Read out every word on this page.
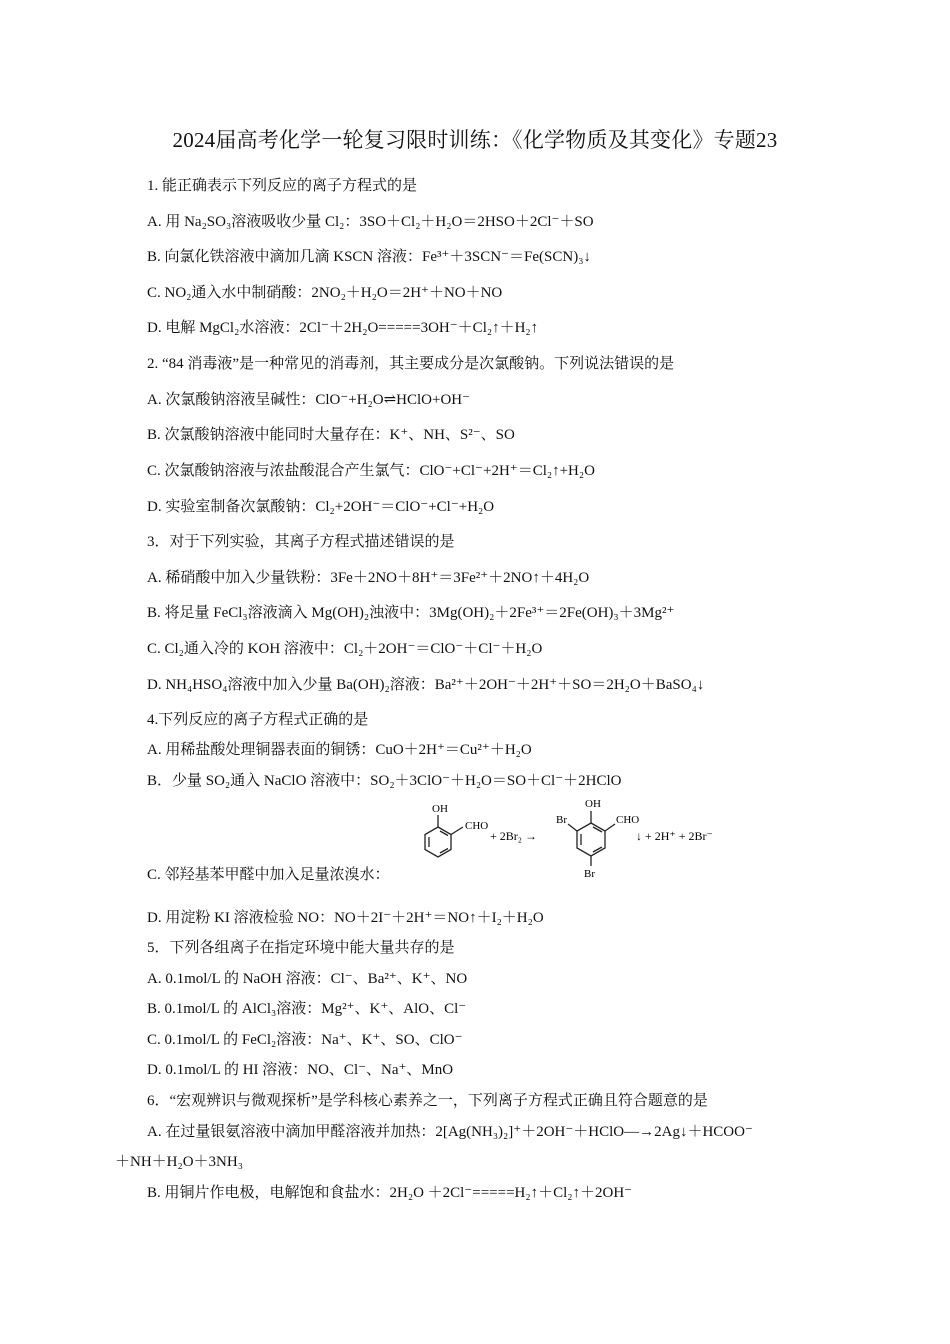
2024届高考化学一轮复习限时训练：《化学物质及其变化》专题23
1. 能正确表示下列反应的离子方程式的是
A. 用 Na₂SO₃溶液吸收少量 Cl₂：3SO＋Cl₂＋H₂O＝2HSO＋2Cl⁻＋SO
B. 向氯化铁溶液中滴加几滴 KSCN 溶液：Fe³⁺＋3SCN⁻＝Fe(SCN)₃↓
C. NO₂通入水中制硝酸：2NO₂＋H₂O＝2H⁺＋NO＋NO
D. 电解 MgCl₂水溶液：2Cl⁻＋2H₂O=====3OH⁻＋Cl₂↑＋H₂↑
2. “84 消毒液”是一种常见的消毒剂，其主要成分是次氯酸钠。下列说法错误的是
A. 次氯酸钠溶液呈碱性：ClO⁻+H₂O⇌HClO+OH⁻
B. 次氯酸钠溶液中能同时大量存在：K⁺、NH、S²⁻、SO
C. 次氯酸钠溶液与浓盐酸混合产生氯气：ClO⁻+Cl⁻+2H⁺＝Cl₂↑+H₂O
D. 实验室制备次氯酸钠：Cl₂+2OH⁻＝ClO⁻+Cl⁻+H₂O
3．对于下列实验，其离子方程式描述错误的是
A. 稀硝酸中加入少量铁粉：3Fe＋2NO＋8H⁺＝3Fe²⁺＋2NO↑＋4H₂O
B. 将足量 FeCl₃溶液滴入 Mg(OH)₂浊液中：3Mg(OH)₂＋2Fe³⁺＝2Fe(OH)₃＋3Mg²⁺
C. Cl₂通入冷的 KOH 溶液中：Cl₂＋2OH⁻＝ClO⁻＋Cl⁻＋H₂O
D. NH₄HSO₄溶液中加入少量 Ba(OH)₂溶液：Ba²⁺＋2OH⁻＋2H⁺＋SO＝2H₂O＋BaSO₄↓
4.下列反应的离子方程式正确的是
A. 用稀盐酸处理铜器表面的铜锈：CuO＋2H⁺＝Cu²⁺＋H₂O
B．少量 SO₂通入 NaClO 溶液中：SO₂＋3ClO⁻＋H₂O＝SO＋Cl⁻＋2HClO
C. 邻羟基苯甲醛中加入足量浓溴水：
D. 用淀粉 KI 溶液检验 NO：NO＋2I⁻＋2H⁺＝NO↑＋I₂＋H₂O
5．下列各组离子在指定环境中能大量共存的是
A. 0.1mol/L 的 NaOH 溶液：Cl⁻、Ba²⁺、K⁺、NO
B. 0.1mol/L 的 AlCl₃溶液：Mg²⁺、K⁺、AlO、Cl⁻
C. 0.1mol/L 的 FeCl₂溶液：Na⁺、K⁺、SO、ClO⁻
D. 0.1mol/L 的 HI 溶液：NO、Cl⁻、Na⁺、MnO
6．“宏观辨识与微观探析”是学科核心素养之一，下列离子方程式正确且符合题意的是
A. 在过量银氨溶液中滴加甲醛溶液并加热：2[Ag(NH₃)₂]⁺＋2OH⁻＋HClO—→2Ag↓＋HCOO⁻
＋NH＋H₂O＋3NH₃
B. 用铜片作电极，电解饱和食盐水：2H₂O ＋2Cl⁻=====H₂↑＋Cl₂↑＋2OH⁻
OH
CHO
+ 2Br₂ →
OH
Br	CHO
Br
↓ + 2H⁺ + 2Br⁻
